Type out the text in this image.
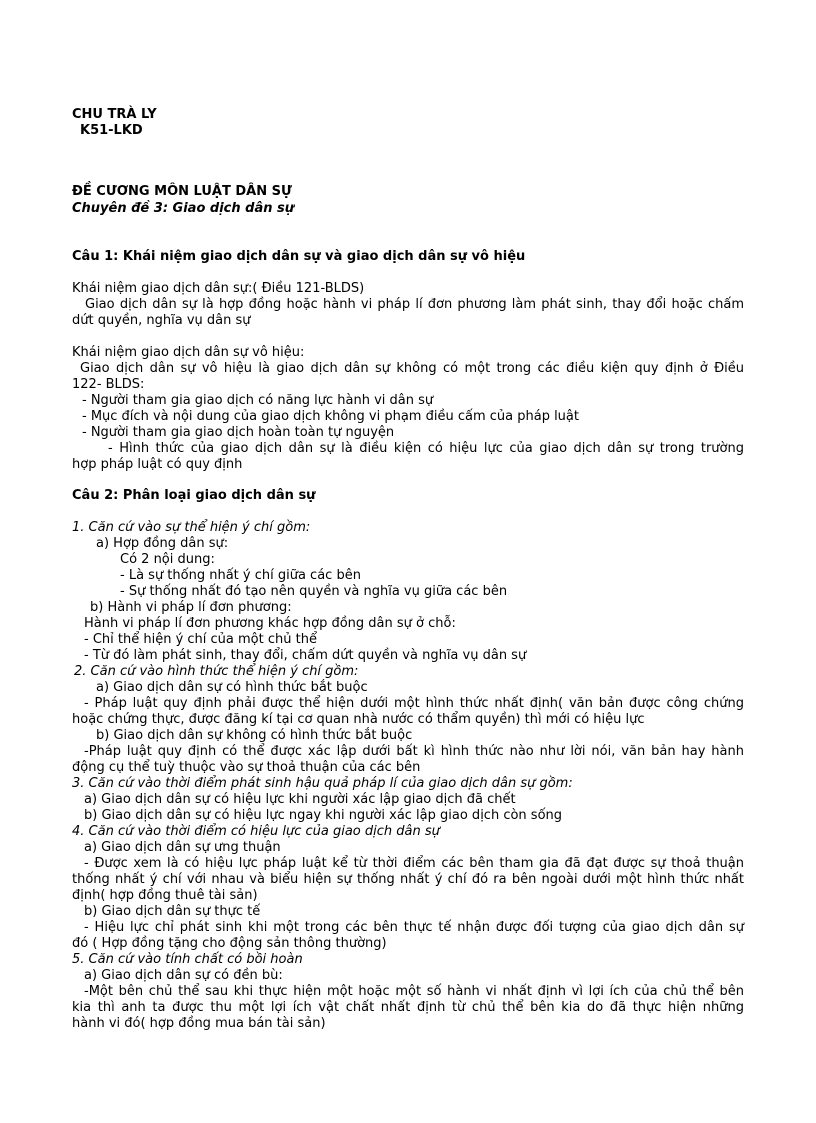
CHU TRÀ LY
K51-LKD
ĐỀ CƯƠNG MÔN LUẬT DÂN SỰ
Chuyên đề 3: Giao dịch dân sự
Câu 1: Khái niệm giao dịch dân sự và giao dịch dân sự vô hiệu
Khái niệm giao dịch dân sự:( Điều 121-BLDS)
Giao dịch dân sự là hợp đồng hoặc hành vi pháp lí đơn phương làm phát sinh, thay đổi hoặc chấm
dứt quyền, nghĩa vụ dân sự
Khái niệm giao dịch dân sự vô hiệu:
Giao dịch dân sự vô hiệu là giao dịch dân sự không có một trong các điều kiện quy định ở Điều
122- BLDS:
- Người tham gia giao dịch có năng lực hành vi dân sự
- Mục đích và nội dung của giao dịch không vi phạm điều cấm của pháp luật
- Người tham gia giao dịch hoàn toàn tự nguyện
- Hình thức của giao dịch dân sự là điều kiện có hiệu lực của giao dịch dân sự trong trường
hợp pháp luật có quy định
Câu 2: Phân loại giao dịch dân sự
1. Căn cứ vào sự thể hiện ý chí gồm:
a) Hợp đồng dân sự:
Có 2 nội dung:
- Là sự thống nhất ý chí giữa các bên
- Sự thống nhất đó tạo nên quyền và nghĩa vụ giữa các bên
b) Hành vi pháp lí đơn phương:
Hành vi pháp lí đơn phương khác hợp đồng dân sự ở chỗ:
- Chỉ thể hiện ý chí của một chủ thể
- Từ đó làm phát sinh, thay đổi, chấm dứt quyền và nghĩa vụ dân sự
2. Căn cứ vào hình thức thể hiện ý chí gồm:
a) Giao dịch dân sự có hình thức bắt buộc
- Pháp luật quy định phải được thể hiện dưới một hình thức nhất định( văn bản được công chứng
hoặc chứng thực, được đăng kí tại cơ quan nhà nước có thẩm quyền) thì mới có hiệu lực
b) Giao dịch dân sự không có hình thức bắt buộc
-Pháp luật quy định có thể được xác lập dưới bất kì hình thức nào như lời nói, văn bản hay hành
động cụ thể tuỳ thuộc vào sự thoả thuận của các bên
3. Căn cứ vào thời điểm phát sinh hậu quả pháp lí của giao dịch dân sự gồm:
a) Giao dịch dân sự có hiệu lực khi người xác lập giao dịch đã chết
b) Giao dịch dân sự có hiệu lực ngay khi người xác lập giao dịch còn sống
4. Căn cứ vào thời điểm có hiệu lực của giao dịch dân sự
a) Giao dịch dân sự ưng thuận
- Được xem là có hiệu lực pháp luật kể từ thời điểm các bên tham gia đã đạt được sự thoả thuận
thống nhất ý chí với nhau và biểu hiện sự thống nhất ý chí đó ra bên ngoài dưới một hình thức nhất
định( hợp đồng thuê tài sản)
b) Giao dịch dân sự thực tế
- Hiệu lực chỉ phát sinh khi một trong các bên thực tế nhận được đối tượng của giao dịch dân sự
đó ( Hợp đồng tặng cho động sản thông thường)
5. Căn cứ vào tính chất có bồi hoàn
a) Giao dịch dân sự có đền bù:
-Một bên chủ thể sau khi thực hiện một hoặc một số hành vi nhất định vì lợi ích của chủ thể bên
kia thì anh ta được thu một lợi ích vật chất nhất định từ chủ thể bên kia do đã thực hiện những
hành vi đó( hợp đồng mua bán tài sản)
